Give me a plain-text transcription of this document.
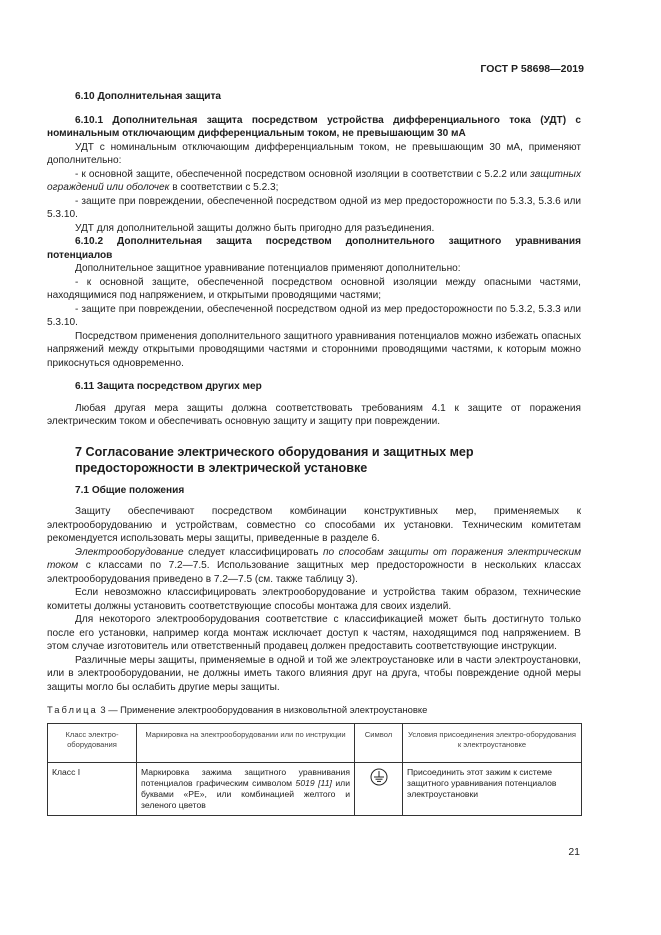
ГОСТ Р 58698—2019

6.10 Дополнительная защита

6.10.1 Дополнительная защита посредством устройства дифференциального тока (УДТ) с номинальным отключающим дифференциальным током, не превышающим 30 мА

УДТ с номинальным отключающим дифференциальным током, не превышающим 30 мА, применяют дополнительно:

- к основной защите, обеспеченной посредством основной изоляции в соответствии с 5.2.2 или защитных ограждений или оболочек в соответствии с 5.2.3;

- защите при повреждении, обеспеченной посредством одной из мер предосторожности по 5.3.3, 5.3.6 или 5.3.10.

УДТ для дополнительной защиты должно быть пригодно для разъединения.

6.10.2 Дополнительная защита посредством дополнительного защитного уравнивания потенциалов

Дополнительное защитное уравнивание потенциалов применяют дополнительно:

- к основной защите, обеспеченной посредством основной изоляции между опасными частями, находящимися под напряжением, и открытыми проводящими частями;

- защите при повреждении, обеспеченной посредством одной из мер предосторожности по 5.3.2, 5.3.3 или 5.3.10.

Посредством применения дополнительного защитного уравнивания потенциалов можно избежать опасных напряжений между открытыми проводящими частями и сторонними проводящими частями, к которым можно прикоснуться одновременно.

6.11 Защита посредством других мер

Любая другая мера защиты должна соответствовать требованиям 4.1 к защите от поражения электрическим током и обеспечивать основную защиту и защиту при повреждении.

7 Согласование электрического оборудования и защитных мер предосторожности в электрической установке

7.1 Общие положения

Защиту обеспечивают посредством комбинации конструктивных мер, применяемых к электрооборудованию и устройствам, совместно со способами их установки. Техническим комитетам рекомендуется использовать меры защиты, приведенные в разделе 6.

Электрооборудование следует классифицировать по способам защиты от поражения электрическим током с классами по 7.2—7.5. Использование защитных мер предосторожности в нескольких классах электрооборудования приведено в 7.2—7.5 (см. также таблицу 3).

Если невозможно классифицировать электрооборудование и устройства таким образом, технические комитеты должны установить соответствующие способы монтажа для своих изделий.

Для некоторого электрооборудования соответствие с классификацией может быть достигнуто только после его установки, например когда монтаж исключает доступ к частям, находящимся под напряжением. В этом случае изготовитель или ответственный продавец должен предоставить соответствующие инструкции.

Различные меры защиты, применяемые в одной и той же электроустановке или в части электроустановки, или в электрооборудовании, не должны иметь такого влияния друг на друга, чтобы повреждение одной меры защиты могло бы ослабить другие меры защиты.

Таблица 3 — Применение электрооборудования в низковольтной электроустановке

Класс электро-оборудования	Маркировка на электрооборудовании или по инструкции	Символ	Условия присоединения электро-оборудования к электроустановке
Класс I	Маркировка зажима защитного уравнивания потенциалов графическим символом 5019 [11] или буквами «РЕ», или комбинацией желтого и зеленого цветов		Присоединить этот зажим к системе защитного уравнивания потенциалов электроустановки
21
